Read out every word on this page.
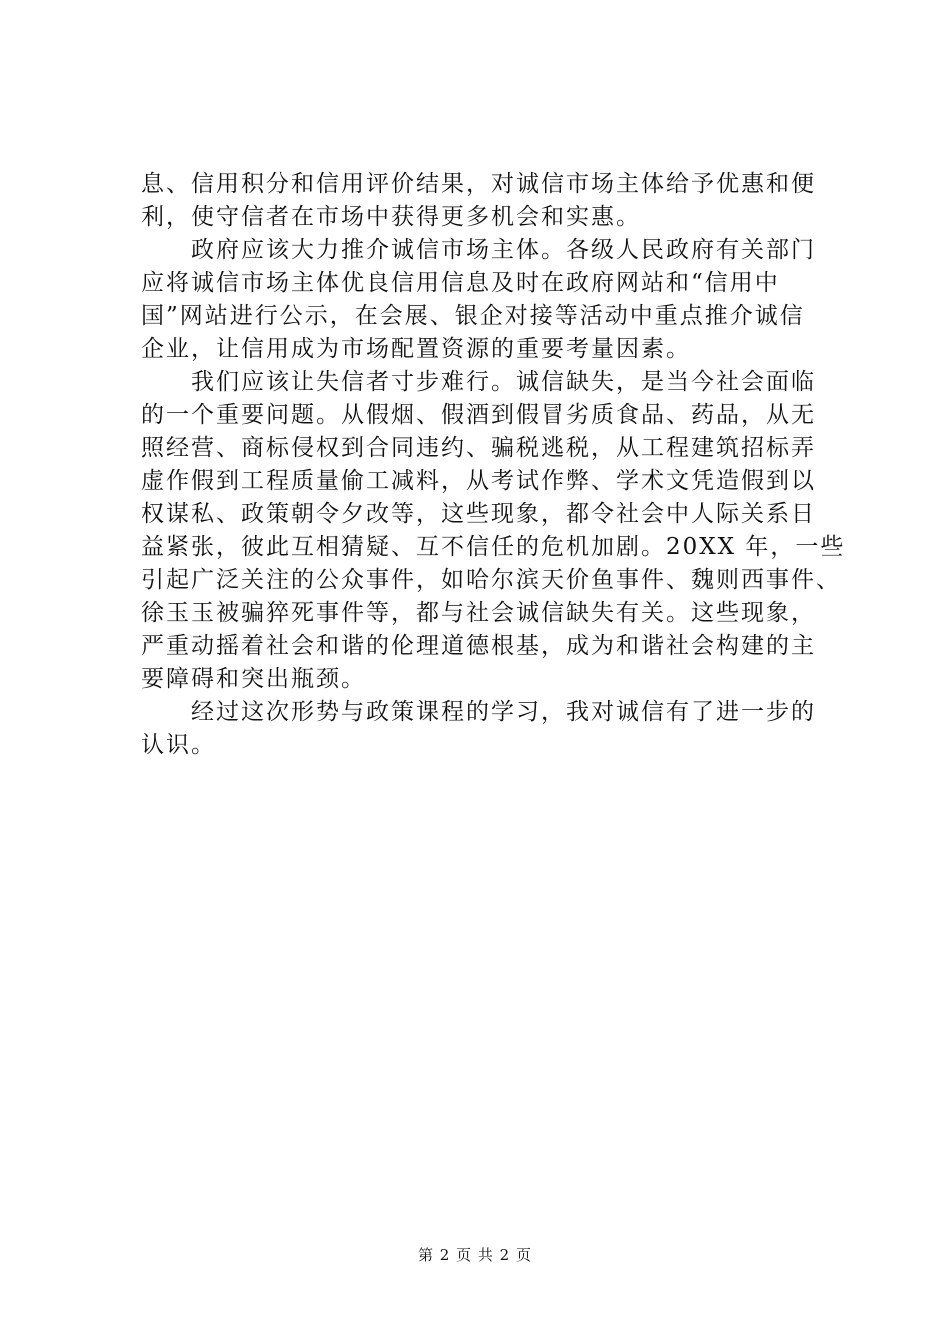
息、信用积分和信用评价结果，对诚信市场主体给予优惠和便
利，使守信者在市场中获得更多机会和实惠。
　　政府应该大力推介诚信市场主体。各级人民政府有关部门
应将诚信市场主体优良信用信息及时在政府网站和“信用中
国”网站进行公示，在会展、银企对接等活动中重点推介诚信
企业，让信用成为市场配置资源的重要考量因素。
　　我们应该让失信者寸步难行。诚信缺失，是当今社会面临
的一个重要问题。从假烟、假酒到假冒劣质食品、药品，从无
照经营、商标侵权到合同违约、骗税逃税，从工程建筑招标弄
虚作假到工程质量偷工减料，从考试作弊、学术文凭造假到以
权谋私、政策朝令夕改等，这些现象，都令社会中人际关系日
益紧张，彼此互相猜疑、互不信任的危机加剧。20XX 年，一些
引起广泛关注的公众事件，如哈尔滨天价鱼事件、魏则西事件、
徐玉玉被骗猝死事件等，都与社会诚信缺失有关。这些现象，
严重动摇着社会和谐的伦理道德根基，成为和谐社会构建的主
要障碍和突出瓶颈。
　　经过这次形势与政策课程的学习，我对诚信有了进一步的
认识。
第 2 页 共 2 页
